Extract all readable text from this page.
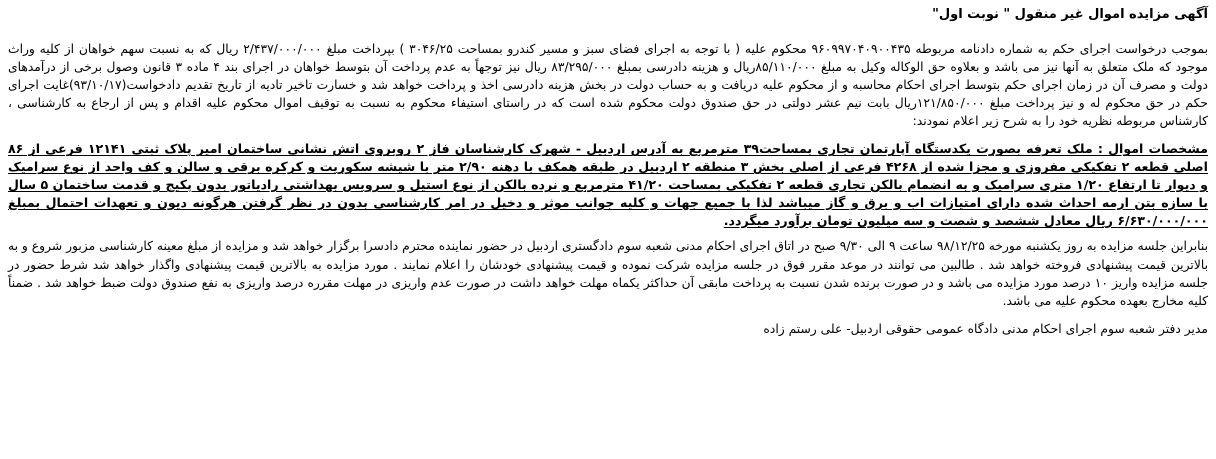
آگهی مزایده اموال غیر منقول " نوبت اول"

بموجب درخواست اجرای حکم به شماره دادنامه مربوطه ۹۶۰۹۹۷۰۴۰۹۰۰۴۳۵ محکوم علیه ( با توجه به اجرای فضای سبز و مسیر کندرو بمساحت ۳۰۴۶/۲۵ ) بپرداخت مبلغ ۲/۴۳۷/۰۰۰/۰۰۰ ریال که به نسبت سهم خواهان از کلیه وراث موجود که ملک متعلق به آنها نیز می باشد و بعلاوه حق الوکاله وکیل به مبلغ ۸۵/۱۱۰/۰۰۰ریال و هزینه دادرسی بمبلغ ۸۳/۲۹۵/۰۰۰ ریال نیز توجهاً به عدم پرداخت آن بتوسط خواهان در اجرای بند ۴ ماده ۳ قانون وصول برخی از درآمدهای دولت و مصرف آن در زمان اجرای حکم بتوسط اجرای احکام محاسبه و از محکوم علیه دریافت و به حساب دولت در بخش هزینه دادرسی اخذ و پرداخت خواهد شد و خسارت تاخیر تادیه از تاریخ تقدیم دادخواست(۹۳/۱۰/۱۷)غایت اجرای حکم در حق محکوم له و نیز پرداخت مبلغ ۱۲۱/۸۵۰/۰۰۰ریال بابت نیم عشر دولتی در حق صندوق دولت محکوم شده است که در راستای استیفاء محکوم به نسبت به توقیف اموال محکوم علیه اقدام و پس از ارجاع به کارشناسی ، کارشناس مربوطه نظریه خود را به شرح زیر اعلام نمودند:

مشخصات اموال : ملک تعرفه بصورت یکدستگاه آپارتمان تجاری بمساحت۳۹ مترمربع به آدرس اردبیل - شهرک کارشناسان فاز ۲ روبروی اتش نشانی ساختمان امیر پلاک ثبتی ۱۲۱۴۱ فرعی از ۸۶ اصلی قطعه ۲ تفکیکی مفروزی و مجزا شده از ۴۲۶۸ فرعی از اصلی بخش ۳ منطقه ۲ اردبیل در طبقه همکف با دهنه ۲/۹۰ متر با شیشه سکوریت و کرکره برقی و سالن و کف واحد از نوع سرامیک و دیوار تا ارتفاع ۱/۲۰ متری سرامیک و به انضمام بالکن تجاری قطعه ۲ تفکیکی بمساحت ۴۱/۲۰ مترمربع و نرده بالکن از نوع استیل و سرویس بهداشتی رادیاتور بدون پکیج و قدمت ساختمان ۵ سال با سازه بتن ارمه احداث شده دارای امتیازات اب و برق و گاز میباشد لذا با جمیع جهات و کلیه جوانب موثر و دخیل در امر کارشناسی بدون در نظر گرفتن هرگونه دیون و تعهدات احتمال بمبلغ ۶/۶۳۰/۰۰۰/۰۰۰ ریال معادل ششصد و شصت و سه میلیون تومان برآورد میگردد.

بنابراین جلسه مزایده به روز یکشنبه مورخه ۹۸/۱۲/۲۵ ساعت ۹ الی ۹/۳۰ صبح در اتاق اجرای احکام مدنی شعبه سوم دادگستری اردبیل در حضور نماینده محترم دادسرا برگزار خواهد شد و مزایده از مبلغ معینه کارشناسی مزبور شروع و به بالاترین قیمت پیشنهادی فروخته خواهد شد . طالبین می توانند در موعد مقرر فوق در جلسه مزایده شرکت نموده و قیمت پیشنهادی خودشان را اعلام نمایند . مورد مزایده به بالاترین قیمت پیشنهادی واگذار خواهد شد شرط حضور در جلسه مزایده واریز ۱۰ درصد مورد مزایده می باشد و در صورت برنده شدن نسبت به پرداخت مابقی آن حداکثر یکماه مهلت خواهد داشت در صورت عدم واریزی در مهلت مقرره درصد واریزی به نفع صندوق دولت ضبط خواهد شد . ضمناً کلیه مخارج بعهده محکوم علیه می باشد.

مدیر دفتر شعبه سوم اجرای احکام مدنی دادگاه عمومی حقوقی اردبیل- علی رستم زاده
